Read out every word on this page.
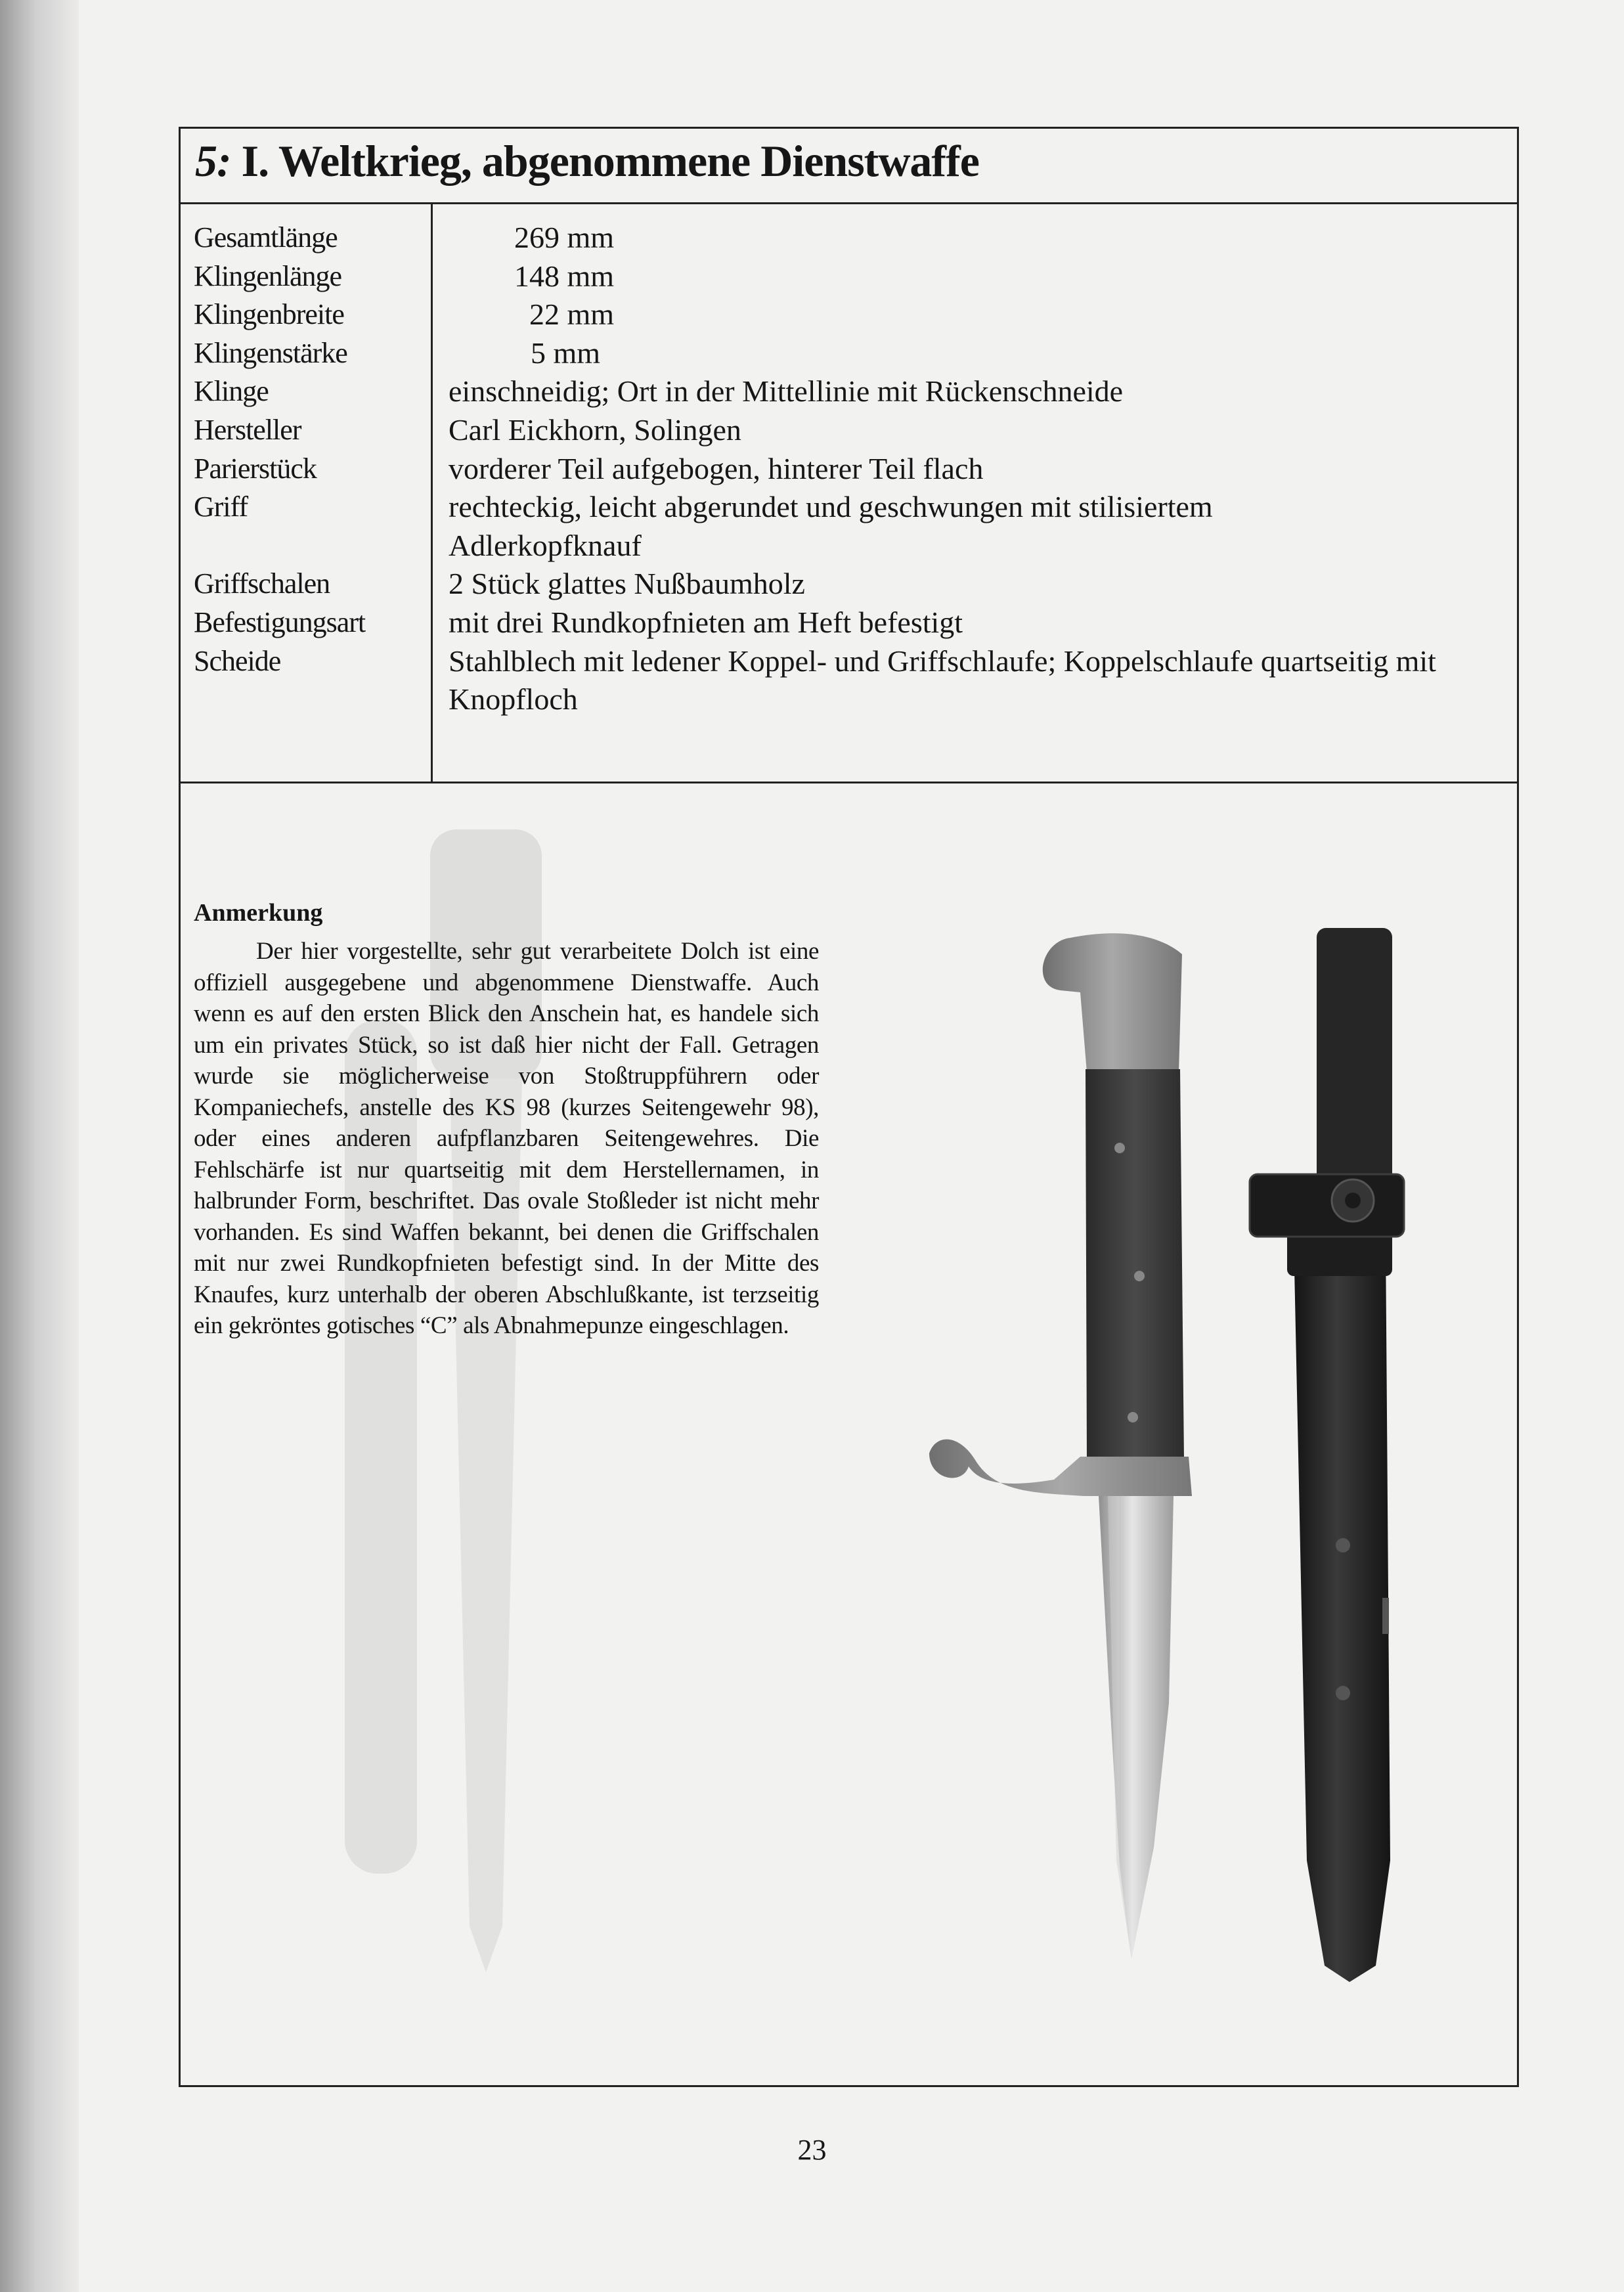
5: I. Weltkrieg, abgenommene Dienstwaffe
Gesamtlänge
Klingenlänge
Klingenbreite
Klingenstärke
Klinge
Hersteller
Parierstück
Griff
Griffschalen
Befestigungsart
Scheide
269 mm
148 mm
22 mm
5 mm
einschneidig; Ort in der Mittellinie mit Rückenschneide
Carl Eickhorn, Solingen
vorderer Teil aufgebogen, hinterer Teil flach
rechteckig, leicht abgerundet und geschwungen mit stilisiertem
Adlerkopfknauf
2 Stück glattes Nußbaumholz
mit drei Rundkopfnieten am Heft befestigt
Stahlblech mit ledener Koppel- und Griffschlaufe; Koppelschlaufe quartseitig mit Knopfloch
Anmerkung

Der hier vorgestellte, sehr gut verarbeitete Dolch ist eine offiziell ausgegebene und abgenommene Dienstwaffe. Auch wenn es auf den ersten Blick den Anschein hat, es handele sich um ein privates Stück, so ist daß hier nicht der Fall. Getragen wurde sie möglicherweise von Stoßtruppführern oder Kompaniechefs, anstelle des KS 98 (kurzes Seitengewehr 98), oder eines anderen aufpflanzbaren Seitengewehres. Die Fehlschärfe ist nur quartseitig mit dem Herstellernamen, in halbrunder Form, beschriftet. Das ovale Stoßleder ist nicht mehr vorhanden. Es sind Waffen bekannt, bei denen die Griffschalen mit nur zwei Rundkopfnieten befestigt sind. In der Mitte des Knaufes, kurz unterhalb der oberen Abschlußkante, ist terzseitig ein gekröntes gotisches “C” als Abnahmepunze eingeschlagen.

23
